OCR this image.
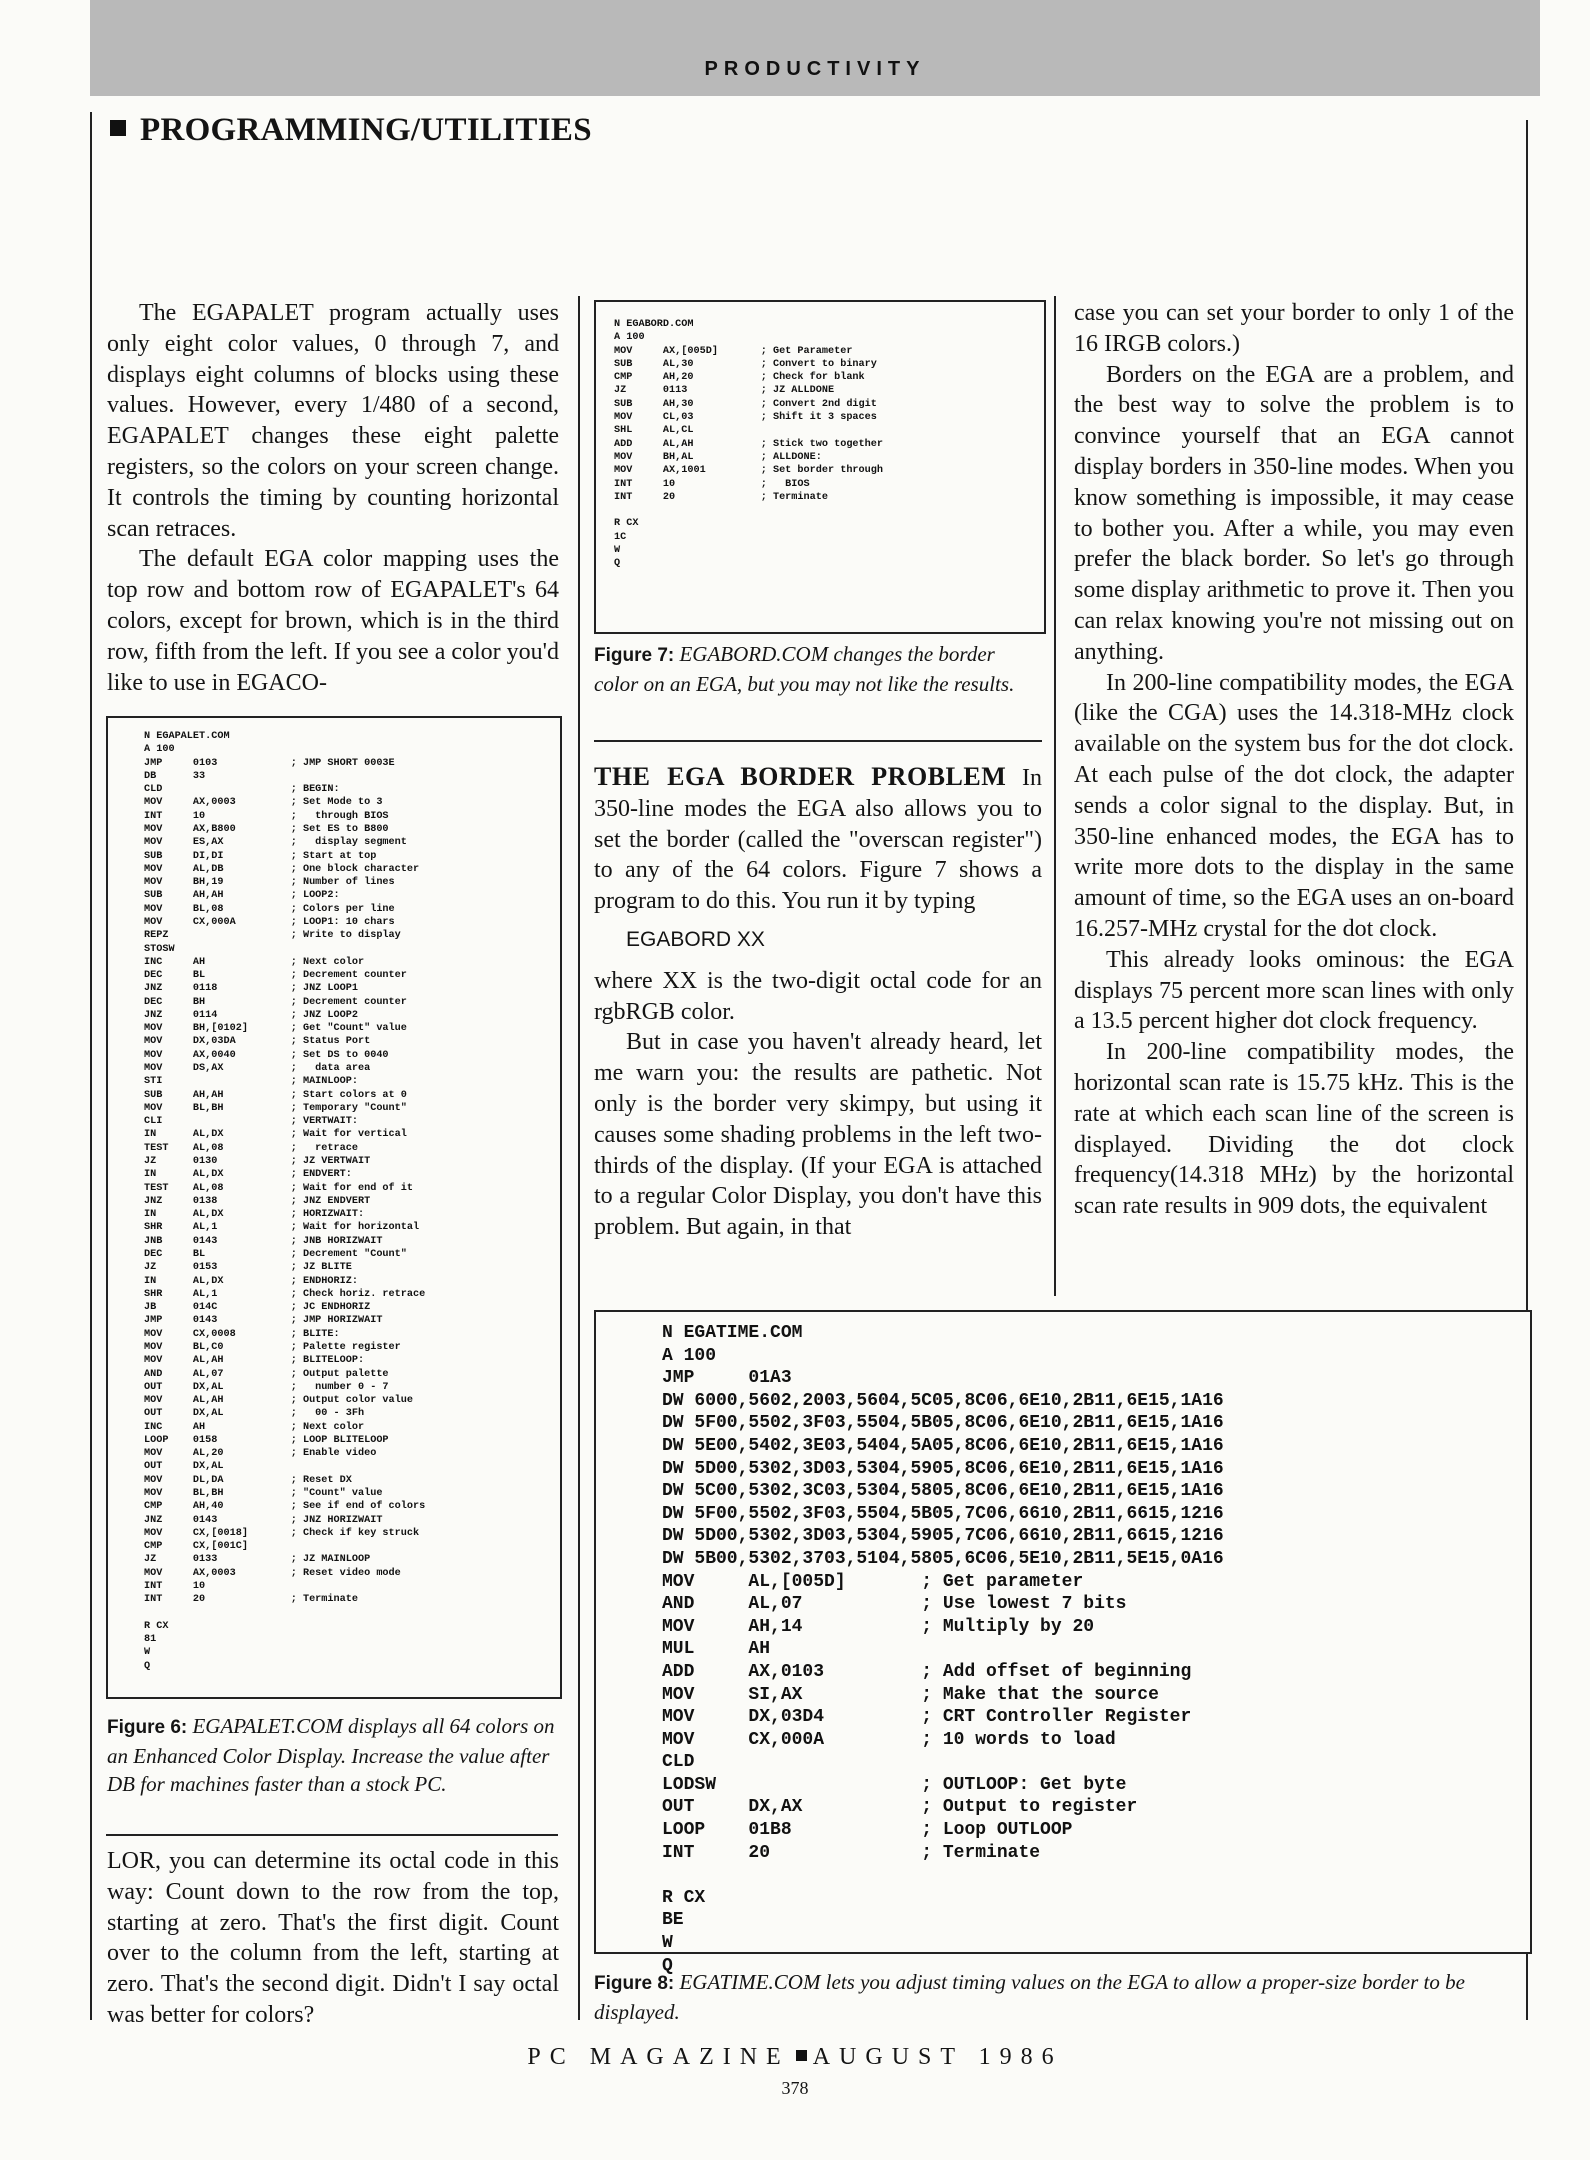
PRODUCTIVITY
PROGRAMMING/UTILITIES

The EGAPALET program actually uses only eight color values, 0 through 7, and displays eight columns of blocks using these values. However, every 1/480 of a second, EGAPALET changes these eight palette registers, so the colors on your screen change. It controls the timing by counting horizontal scan retraces.

The default EGA color mapping uses the top row and bottom row of EGAPALET's 64 colors, except for brown, which is in the third row, fifth from the left. If you see a color you'd like to use in EGACO-

N EGAPALET.COM
A 100
JMP     0103            ; JMP SHORT 0003E
DB      33
CLD                     ; BEGIN:
MOV     AX,0003         ; Set Mode to 3
INT     10              ;   through BIOS
MOV     AX,B800         ; Set ES to B800
MOV     ES,AX           ;   display segment
SUB     DI,DI           ; Start at top
MOV     AL,DB           ; One block character
MOV     BH,19           ; Number of lines
SUB     AH,AH           ; LOOP2:
MOV     BL,08           ; Colors per line
MOV     CX,000A         ; LOOP1: 10 chars
REPZ                    ; Write to display
STOSW
INC     AH              ; Next color
DEC     BL              ; Decrement counter
JNZ     0118            ; JNZ LOOP1
DEC     BH              ; Decrement counter
JNZ     0114            ; JNZ LOOP2
MOV     BH,[0102]       ; Get "Count" value
MOV     DX,03DA         ; Status Port
MOV     AX,0040         ; Set DS to 0040
MOV     DS,AX           ;   data area
STI                     ; MAINLOOP:
SUB     AH,AH           ; Start colors at 0
MOV     BL,BH           ; Temporary "Count"
CLI                     ; VERTWAIT:
IN      AL,DX           ; Wait for vertical
TEST    AL,08           ;   retrace
JZ      0130            ; JZ VERTWAIT
IN      AL,DX           ; ENDVERT:
TEST    AL,08           ; Wait for end of it
JNZ     0138            ; JNZ ENDVERT
IN      AL,DX           ; HORIZWAIT:
SHR     AL,1            ; Wait for horizontal
JNB     0143            ; JNB HORIZWAIT
DEC     BL              ; Decrement "Count"
JZ      0153            ; JZ BLITE
IN      AL,DX           ; ENDHORIZ:
SHR     AL,1            ; Check horiz. retrace
JB      014C            ; JC ENDHORIZ
JMP     0143            ; JMP HORIZWAIT
MOV     CX,0008         ; BLITE:
MOV     BL,C0           ; Palette register
MOV     AL,AH           ; BLITELOOP:
AND     AL,07           ; Output palette
OUT     DX,AL           ;   number 0 - 7
MOV     AL,AH           ; Output color value
OUT     DX,AL           ;   00 - 3Fh
INC     AH              ; Next color
LOOP    0158            ; LOOP BLITELOOP
MOV     AL,20           ; Enable video
OUT     DX,AL
MOV     DL,DA           ; Reset DX
MOV     BL,BH           ; "Count" value
CMP     AH,40           ; See if end of colors
JNZ     0143            ; JNZ HORIZWAIT
MOV     CX,[0018]       ; Check if key struck
CMP     CX,[001C]
JZ      0133            ; JZ MAINLOOP
MOV     AX,0003         ; Reset video mode
INT     10
INT     20              ; Terminate

R CX
81
W
Q

Figure 6: EGAPALET.COM displays all 64 colors on an Enhanced Color Display. Increase the value after DB for machines faster than a stock PC.

LOR, you can determine its octal code in this way: Count down to the row from the top, starting at zero. That's the first digit. Count over to the column from the left, starting at zero. That's the second digit. Didn't I say octal was better for colors?

N EGABORD.COM
A 100
MOV     AX,[005D]       ; Get Parameter
SUB     AL,30           ; Convert to binary
CMP     AH,20           ; Check for blank
JZ      0113            ; JZ ALLDONE
SUB     AH,30           ; Convert 2nd digit
MOV     CL,03           ; Shift it 3 spaces
SHL     AL,CL
ADD     AL,AH           ; Stick two together
MOV     BH,AL           ; ALLDONE:
MOV     AX,1001         ; Set border through
INT     10              ;   BIOS
INT     20              ; Terminate

R CX
1C
W
Q

Figure 7: EGABORD.COM changes the border color on an EGA, but you may not like the results.

THE EGA BORDER PROBLEM In 350-line modes the EGA also allows you to set the border (called the "overscan register") to any of the 64 colors. Figure 7 shows a program to do this. You run it by typing

EGABORD XX

where XX is the two-digit octal code for an rgbRGB color.

But in case you haven't already heard, let me warn you: the results are pathetic. Not only is the border very skimpy, but using it causes some shading problems in the left two-thirds of the display. (If your EGA is attached to a regular Color Display, you don't have this problem. But again, in that

case you can set your border to only 1 of the 16 IRGB colors.)

Borders on the EGA are a problem, and the best way to solve the problem is to convince yourself that an EGA cannot display borders in 350-line modes. When you know something is impossible, it may cease to bother you. After a while, you may even prefer the black border. So let's go through some display arithmetic to prove it. Then you can relax knowing you're not missing out on anything.

In 200-line compatibility modes, the EGA (like the CGA) uses the 14.318-MHz clock available on the system bus for the dot clock. At each pulse of the dot clock, the adapter sends a color signal to the display. But, in 350-line enhanced modes, the EGA has to write more dots to the display in the same amount of time, so the EGA uses an on-board 16.257-MHz crystal for the dot clock.

This already looks ominous: the EGA displays 75 percent more scan lines with only a 13.5 percent higher dot clock frequency.

In 200-line compatibility modes, the horizontal scan rate is 15.75 kHz. This is the rate at which each scan line of the screen is displayed. Dividing the dot clock frequency(14.318 MHz) by the horizontal scan rate results in 909 dots, the equivalent

N EGATIME.COM
A 100
JMP     01A3
DW 6000,5602,2003,5604,5C05,8C06,6E10,2B11,6E15,1A16
DW 5F00,5502,3F03,5504,5B05,8C06,6E10,2B11,6E15,1A16
DW 5E00,5402,3E03,5404,5A05,8C06,6E10,2B11,6E15,1A16
DW 5D00,5302,3D03,5304,5905,8C06,6E10,2B11,6E15,1A16
DW 5C00,5302,3C03,5304,5805,8C06,6E10,2B11,6E15,1A16
DW 5F00,5502,3F03,5504,5B05,7C06,6610,2B11,6615,1216
DW 5D00,5302,3D03,5304,5905,7C06,6610,2B11,6615,1216
DW 5B00,5302,3703,5104,5805,6C06,5E10,2B11,5E15,0A16
MOV     AL,[005D]       ; Get parameter
AND     AL,07           ; Use lowest 7 bits
MOV     AH,14           ; Multiply by 20
MUL     AH
ADD     AX,0103         ; Add offset of beginning
MOV     SI,AX           ; Make that the source
MOV     DX,03D4         ; CRT Controller Register
MOV     CX,000A         ; 10 words to load
CLD
LODSW                   ; OUTLOOP: Get byte
OUT     DX,AX           ; Output to register
LOOP    01B8            ; Loop OUTLOOP
INT     20              ; Terminate

R CX
BE
W
Q

Figure 8: EGATIME.COM lets you adjust timing values on the EGA to allow a proper-size border to be displayed.

PC MAGAZINE AUGUST 1986
378
